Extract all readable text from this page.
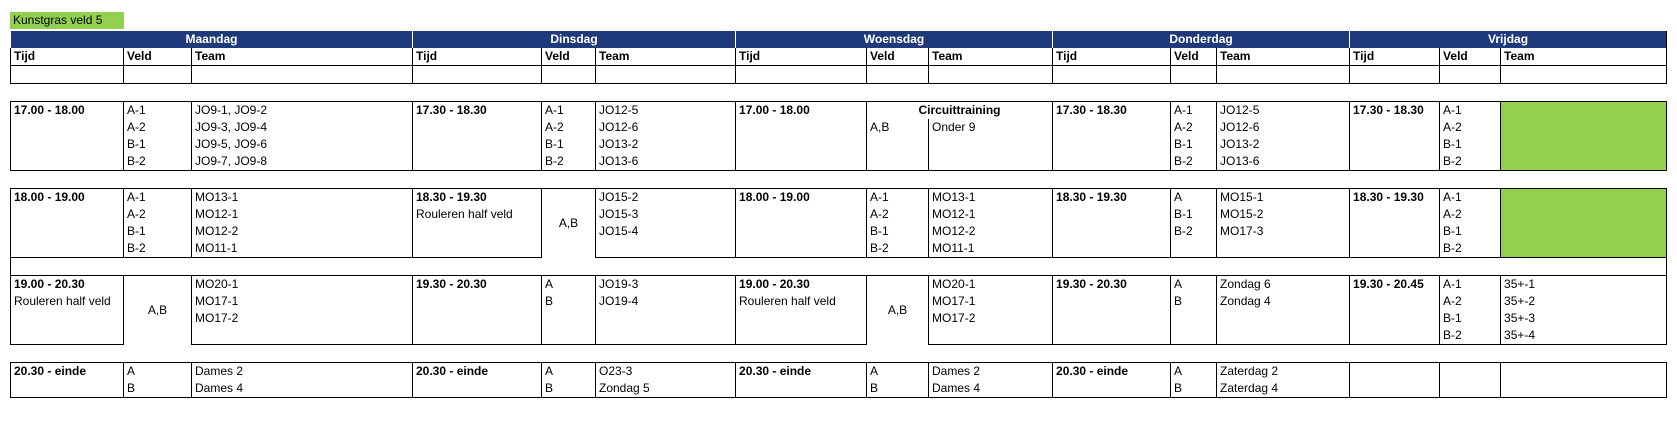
Kunstgras veld 5
Maandag			Dinsdag			Woensdag			Donderdag			Vrijdag		
Tijd	Veld	Team	Tijd	Veld	Team	Tijd	Veld	Team	Tijd	Veld	Team	Tijd	Veld	Team

17.00 - 18.00	A-1	JO9-1, JO9-2	17.30 - 18.30	A-1	JO12-5	17.00 - 18.00	Circuittraining		17.30 - 18.30	A-1	JO12-5	17.30 - 18.30	A-1	
	A-2	JO9-3, JO9-4		A-2	JO12-6		A,B	Onder 9		A-2	JO12-6		A-2	
	B-1	JO9-5, JO9-6		B-1	JO13-2					B-1	JO13-2		B-1	
	B-2	JO9-7, JO9-8		B-2	JO13-6					B-2	JO13-6		B-2	

18.00 - 19.00	A-1	MO13-1	18.30 - 19.30	A,B	JO15-2	18.00 - 19.00	A-1	MO13-1	18.30 - 19.30	A	MO15-1	18.30 - 19.30	A-1	
	A-2	MO12-1	Rouleren half veld		JO15-3		A-2	MO12-1		B-1	MO15-2		A-2	
	B-1	MO12-2			JO15-4		B-1	MO12-2		B-2	MO17-3		B-1	
	B-2	MO11-1					B-2	MO11-1					B-2	

19.00 - 20.30	A,B	MO20-1	19.30 - 20.30	A	JO19-3	19.00 - 20.30	A,B	MO20-1	19.30 - 20.30	A	Zondag 6	19.30 - 20.45	A-1	35+-1
Rouleren half veld		MO17-1		B	JO19-4	Rouleren half veld		MO17-1		B	Zondag 4		A-2	35+-2
		MO17-2						MO17-2					B-1	35+-3
													B-2	35+-4

20.30 - einde	A	Dames 2	20.30 - einde	A	O23-3	20.30 - einde	A	Dames 2	20.30 - einde	A	Zaterdag 2			
	B	Dames 4		B	Zondag 5		B	Dames 4		B	Zaterdag 4			
